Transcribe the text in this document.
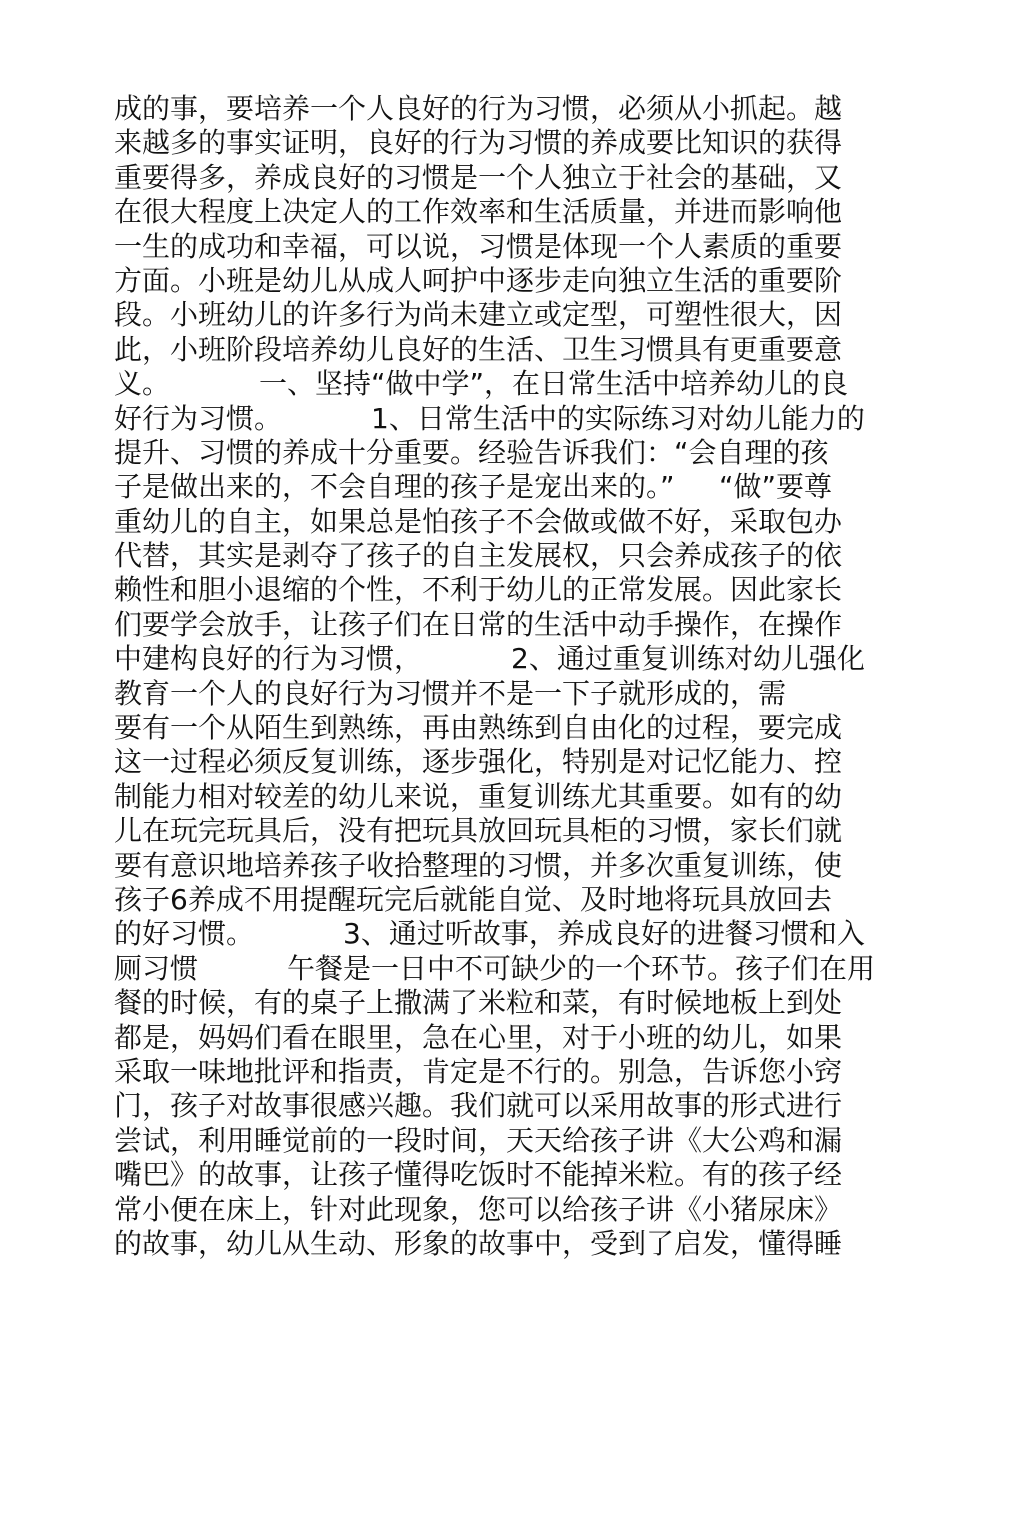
成的事，要培养一个人良好的行为习惯，必须从小抓起。越
来越多的事实证明，良好的行为习惯的养成要比知识的获得
重要得多，养成良好的习惯是一个人独立于社会的基础，又
在很大程度上决定人的工作效率和生活质量，并进而影响他
一生的成功和幸福，可以说，习惯是体现一个人素质的重要
方面。小班是幼儿从成人呵护中逐步走向独立生活的重要阶
段。小班幼儿的许多行为尚未建立或定型，可塑性很大，因
此，小班阶段培养幼儿良好的生活、卫生习惯具有更重要意
义。          一、坚持“做中学”，在日常生活中培养幼儿的良
好行为习惯。          1、日常生活中的实际练习对幼儿能力的
提升、习惯的养成十分重要。经验告诉我们：“会自理的孩
子是做出来的，不会自理的孩子是宠出来的。”     “做”要尊
重幼儿的自主，如果总是怕孩子不会做或做不好，采取包办
代替，其实是剥夺了孩子的自主发展权，只会养成孩子的依
赖性和胆小退缩的个性，不利于幼儿的正常发展。因此家长
们要学会放手，让孩子们在日常的生活中动手操作，在操作
中建构良好的行为习惯，          2、通过重复训练对幼儿强化
教育一个人的良好行为习惯并不是一下子就形成的，需
要有一个从陌生到熟练，再由熟练到自由化的过程，要完成
这一过程必须反复训练，逐步强化，特别是对记忆能力、控
制能力相对较差的幼儿来说，重复训练尤其重要。如有的幼
儿在玩完玩具后，没有把玩具放回玩具柜的习惯，家长们就
要有意识地培养孩子收拾整理的习惯，并多次重复训练，使
孩子6养成不用提醒玩完后就能自觉、及时地将玩具放回去
的好习惯。          3、通过听故事，养成良好的进餐习惯和入
厕习惯          午餐是一日中不可缺少的一个环节。孩子们在用
餐的时候，有的桌子上撒满了米粒和菜，有时候地板上到处
都是，妈妈们看在眼里，急在心里，对于小班的幼儿，如果
采取一味地批评和指责，肯定是不行的。别急，告诉您小窍
门，孩子对故事很感兴趣。我们就可以采用故事的形式进行
尝试，利用睡觉前的一段时间，天天给孩子讲《大公鸡和漏
嘴巴》的故事，让孩子懂得吃饭时不能掉米粒。有的孩子经
常小便在床上，针对此现象，您可以给孩子讲《小猪尿床》
的故事，幼儿从生动、形象的故事中，受到了启发，懂得睡
